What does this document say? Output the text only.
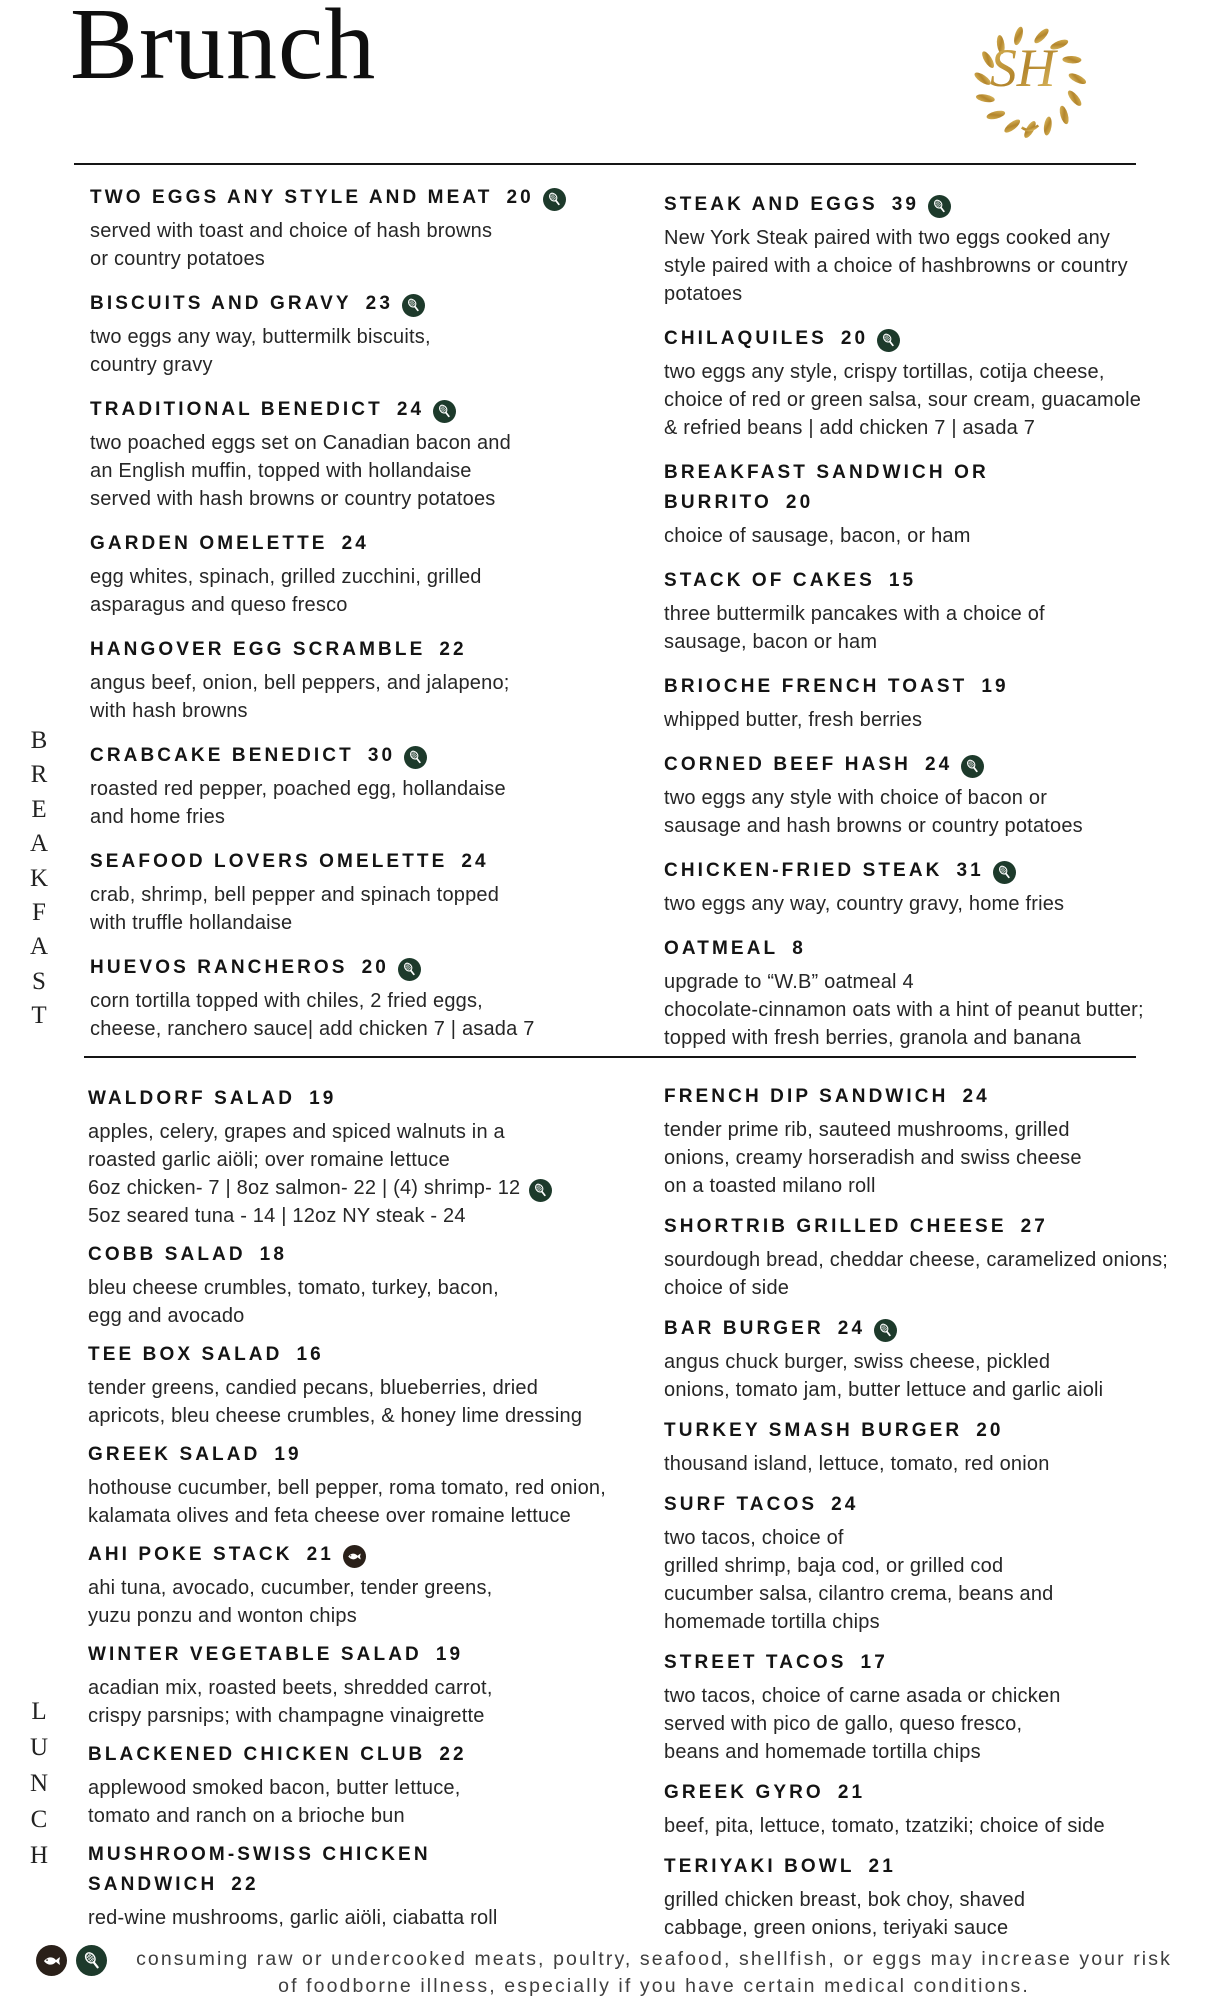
Brunch	SH
B
R
E
A
K
F
A
S
T
TWO EGGS ANY STYLE AND MEAT 20
served with toast and choice of hash browns
or country potatoes
BISCUITS AND GRAVY 23
two eggs any way, buttermilk biscuits,
country gravy
TRADITIONAL BENEDICT 24
two poached eggs set on Canadian bacon and
an English muffin, topped with hollandaise
served with hash browns or country potatoes
GARDEN OMELETTE 24
egg whites, spinach, grilled zucchini, grilled
asparagus and queso fresco
HANGOVER EGG SCRAMBLE 22
angus beef, onion, bell peppers, and jalapeno;
with hash browns
CRABCAKE BENEDICT 30
roasted red pepper, poached egg, hollandaise
and home fries
SEAFOOD LOVERS OMELETTE 24
crab, shrimp, bell pepper and spinach topped
with truffle hollandaise
HUEVOS RANCHEROS 20
corn tortilla topped with chiles, 2 fried eggs,
cheese, ranchero sauce| add chicken 7 | asada 7
STEAK AND EGGS 39
New York Steak paired with two eggs cooked any
style paired with a choice of hashbrowns or country
potatoes
CHILAQUILES 20
two eggs any style, crispy tortillas, cotija cheese,
choice of red or green salsa, sour cream, guacamole
& refried beans | add chicken 7 | asada 7
BREAKFAST SANDWICH OR
BURRITO 20
choice of sausage, bacon, or ham
STACK OF CAKES 15
three buttermilk pancakes with a choice of
sausage, bacon or ham
BRIOCHE FRENCH TOAST 19
whipped butter, fresh berries
CORNED BEEF HASH 24
two eggs any style with choice of bacon or
sausage and hash browns or country potatoes
CHICKEN-FRIED STEAK 31
two eggs any way, country gravy, home fries
OATMEAL 8
upgrade to “W.B” oatmeal 4
chocolate-cinnamon oats with a hint of peanut butter;
topped with fresh berries, granola and banana
L
U
N
C
H
WALDORF SALAD 19
apples, celery, grapes and spiced walnuts in a
roasted garlic aiöli; over romaine lettuce
6oz chicken- 7 | 8oz salmon- 22 | (4) shrimp- 12
5oz seared tuna - 14 | 12oz NY steak - 24
COBB SALAD 18
bleu cheese crumbles, tomato, turkey, bacon,
egg and avocado
TEE BOX SALAD 16
tender greens, candied pecans, blueberries, dried
apricots, bleu cheese crumbles, & honey lime dressing
GREEK SALAD 19
hothouse cucumber, bell pepper, roma tomato, red onion,
kalamata olives and feta cheese over romaine lettuce
AHI POKE STACK 21
ahi tuna, avocado, cucumber, tender greens,
yuzu ponzu and wonton chips
WINTER VEGETABLE SALAD 19
acadian mix, roasted beets, shredded carrot,
crispy parsnips; with champagne vinaigrette
BLACKENED CHICKEN CLUB 22
applewood smoked bacon, butter lettuce,
tomato and ranch on a brioche bun
MUSHROOM-SWISS CHICKEN
SANDWICH 22
red-wine mushrooms, garlic aiöli, ciabatta roll
FRENCH DIP SANDWICH 24
tender prime rib, sauteed mushrooms, grilled
onions, creamy horseradish and swiss cheese
on a toasted milano roll
SHORTRIB GRILLED CHEESE 27
sourdough bread, cheddar cheese, caramelized onions;
choice of side
BAR BURGER 24
angus chuck burger, swiss cheese, pickled
onions, tomato jam, butter lettuce and garlic aioli
TURKEY SMASH BURGER 20
thousand island, lettuce, tomato, red onion
SURF TACOS 24
two tacos, choice of
grilled shrimp, baja cod, or grilled cod
cucumber salsa, cilantro crema, beans and
homemade tortilla chips
STREET TACOS 17
two tacos, choice of carne asada or chicken
served with pico de gallo, queso fresco,
beans and homemade tortilla chips
GREEK GYRO 21
beef, pita, lettuce, tomato, tzatziki; choice of side
TERIYAKI BOWL 21
grilled chicken breast, bok choy, shaved
cabbage, green onions, teriyaki sauce
consuming raw or undercooked meats, poultry, seafood, shellfish, or eggs may increase your risk
of foodborne illness, especially if you have certain medical conditions.
